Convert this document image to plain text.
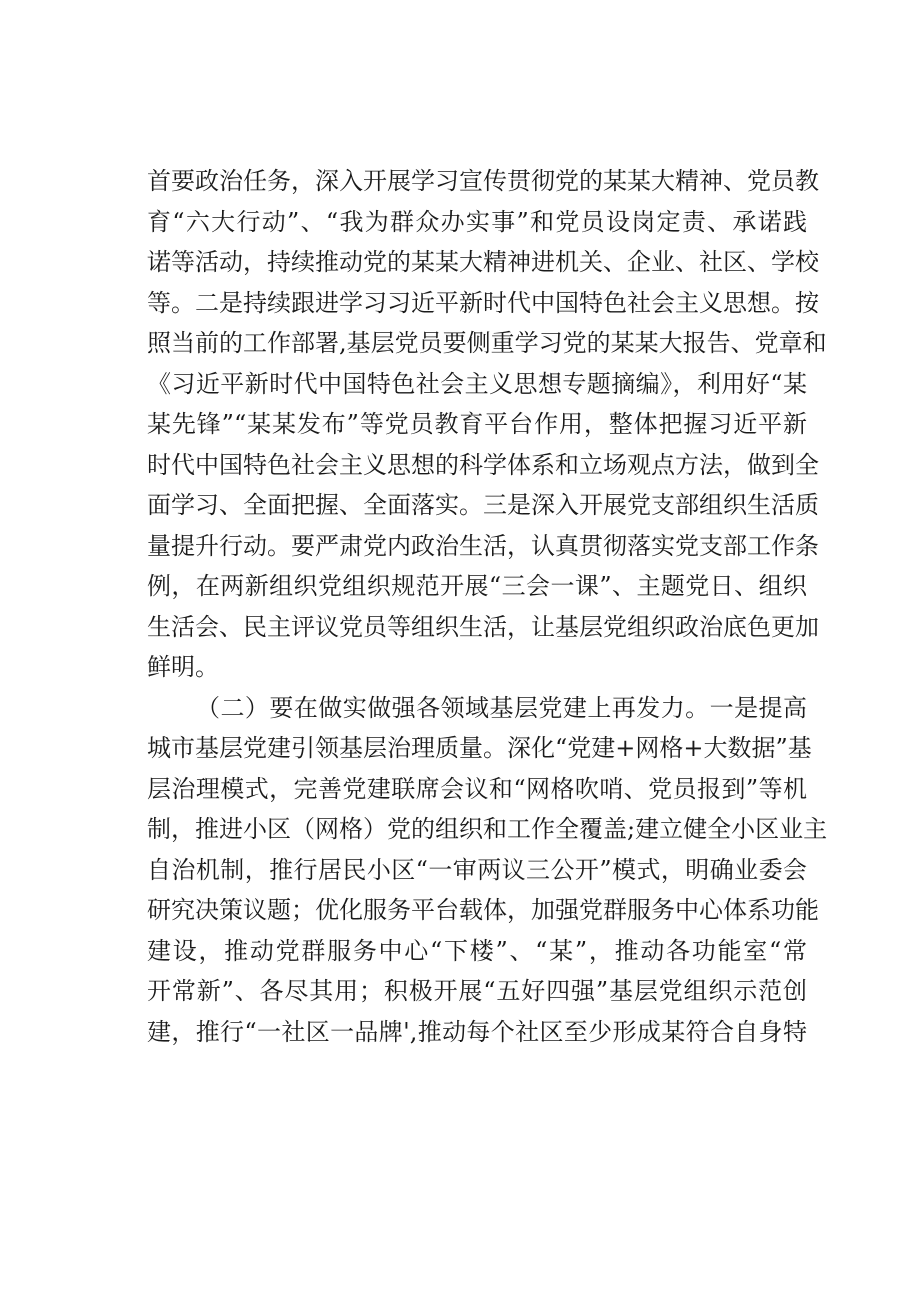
首要政治任务，深入开展学习宣传贯彻党的某某大精神、党员教
育“六大行动”、“我为群众办实事”和党员设岗定责、承诺践
诺等活动，持续推动党的某某大精神进机关、企业、社区、学校
等。二是持续跟进学习习近平新时代中国特色社会主义思想。按
照当前的工作部署,基层党员要侧重学习党的某某大报告、党章和
《习近平新时代中国特色社会主义思想专题摘编》，利用好“某
某先锋”“某某发布”等党员教育平台作用，整体把握习近平新
时代中国特色社会主义思想的科学体系和立场观点方法，做到全
面学习、全面把握、全面落实。三是深入开展党支部组织生活质
量提升行动。要严肃党内政治生活，认真贯彻落实党支部工作条
例，在两新组织党组织规范开展“三会一课”、主题党日、组织
生活会、民主评议党员等组织生活，让基层党组织政治底色更加
鲜明。
（二）要在做实做强各领域基层党建上再发力。一是提高
城市基层党建引领基层治理质量。深化“党建+网格+大数据”基
层治理模式，完善党建联席会议和“网格吹哨、党员报到”等机
制，推进小区（网格）党的组织和工作全覆盖;建立健全小区业主
自治机制，推行居民小区“一审两议三公开”模式，明确业委会
研究决策议题；优化服务平台载体，加强党群服务中心体系功能
建设，推动党群服务中心“下楼”、“某”，推动各功能室“常
开常新”、各尽其用；积极开展“五好四强”基层党组织示范创
建，推行“一社区一品牌',推动每个社区至少形成某符合自身特
